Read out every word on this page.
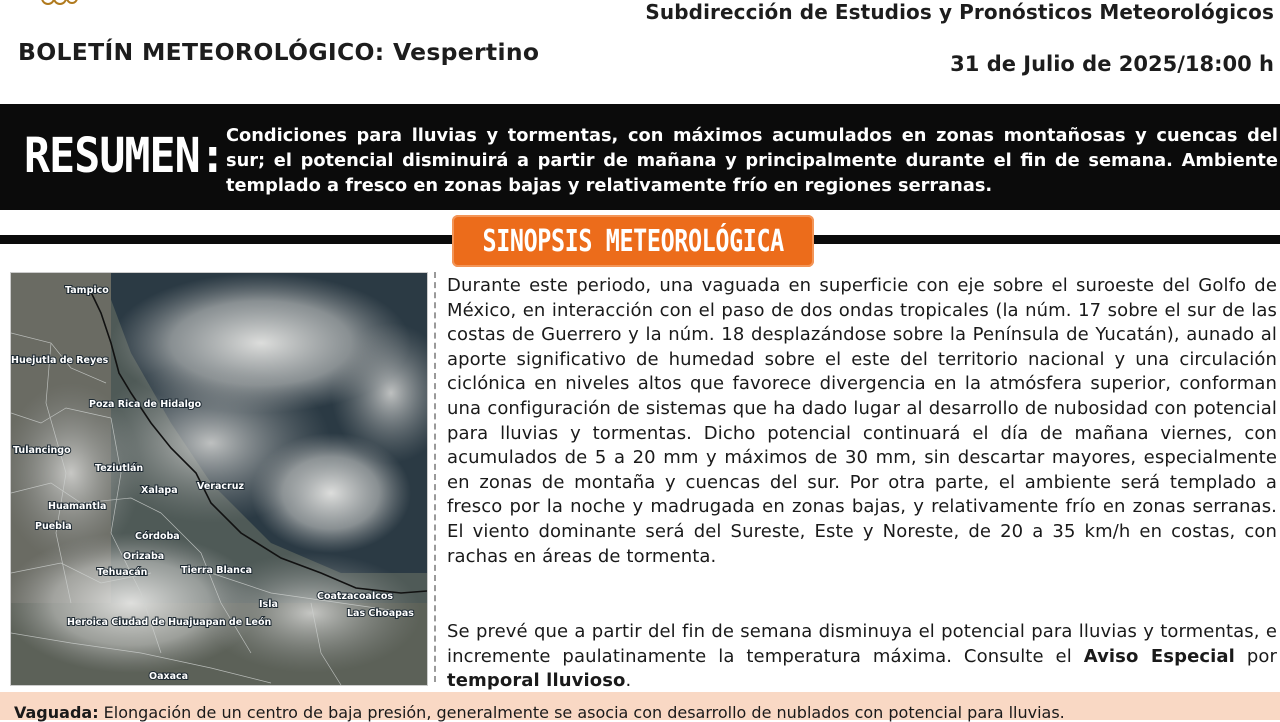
Subdirección de Estudios y Pronósticos Meteorológicos
BOLETÍN METEOROLÓGICO: Vespertino	31 de Julio de 2025/18:00 h
RESUMEN: Condiciones para lluvias y tormentas, con máximos acumulados en zonas montañosas y cuencas del sur; el potencial disminuirá a partir de mañana y principalmente durante el fin de semana. Ambiente templado a fresco en zonas bajas y relativamente frío en regiones serranas.
SINOPSIS METEOROLÓGICA
Tampico
Huejutla de Reyes
Poza Rica de Hidalgo
Tulancingo
Teziutlán
Xalapa
Huamantla
Veracruz
Puebla
Córdoba
Orizaba
Tierra Blanca
Tehuacán
Heroica Ciudad de Huajuapan de León
Isla
Coatzacoalcos
Las Choapas
Oaxaca
Durante este periodo, una vaguada en superficie con eje sobre el suroeste del Golfo de México, en interacción con el paso de dos ondas tropicales (la núm. 17 sobre el sur de las costas de Guerrero y la núm. 18 desplazándose sobre la Península de Yucatán), aunado al aporte significativo de humedad sobre el este del territorio nacional y una circulación ciclónica en niveles altos que favorece divergencia en la atmósfera superior, conforman una configuración de sistemas que ha dado lugar al desarrollo de nubosidad con potencial para lluvias y tormentas. Dicho potencial continuará el día de mañana viernes, con acumulados de 5 a 20 mm y máximos de 30 mm, sin descartar mayores, especialmente en zonas de montaña y cuencas del sur. Por otra parte, el ambiente será templado a fresco por la noche y madrugada en zonas bajas, y relativamente frío en zonas serranas. El viento dominante será del Sureste, Este y Noreste, de 20 a 35 km/h en costas, con rachas en áreas de tormenta.
Se prevé que a partir del fin de semana disminuya el potencial para lluvias y tormentas, e incremente paulatinamente la temperatura máxima. Consulte el Aviso Especial por temporal lluvioso.
Vaguada: Elongación de un centro de baja presión, generalmente se asocia con desarrollo de nublados con potencial para lluvias.
